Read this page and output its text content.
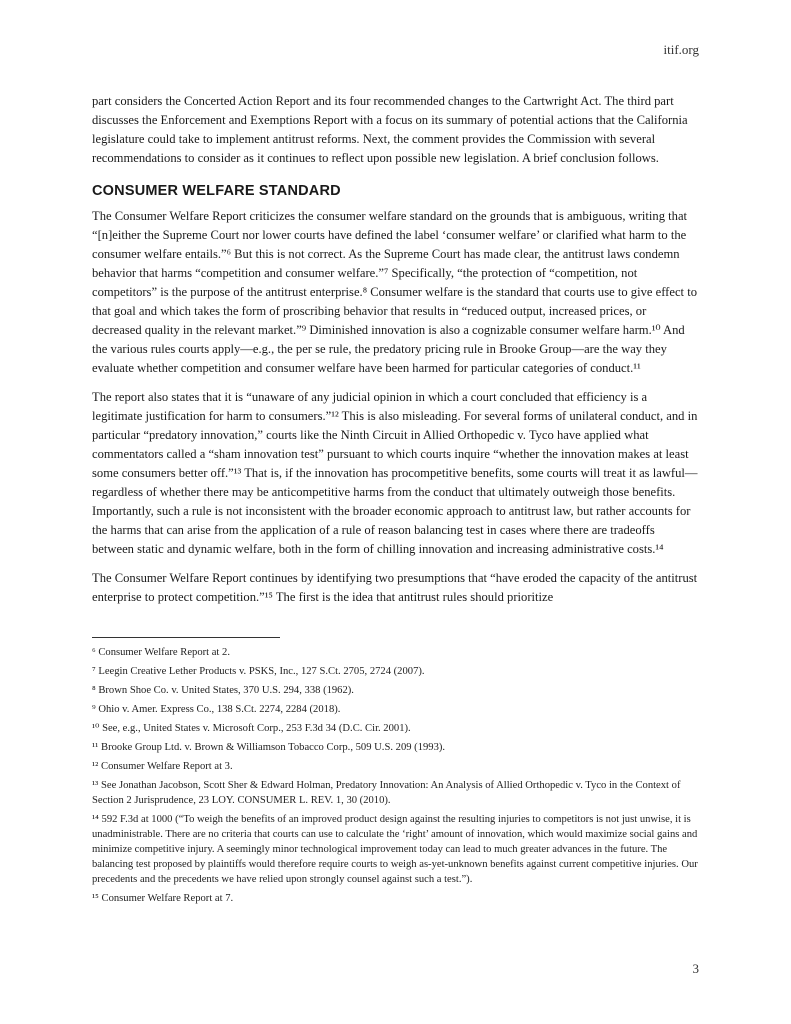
itif.org

part considers the Concerted Action Report and its four recommended changes to the Cartwright Act. The third part discusses the Enforcement and Exemptions Report with a focus on its summary of potential actions that the California legislature could take to implement antitrust reforms. Next, the comment provides the Commission with several recommendations to consider as it continues to reflect upon possible new legislation. A brief conclusion follows.

CONSUMER WELFARE STANDARD

The Consumer Welfare Report criticizes the consumer welfare standard on the grounds that is ambiguous, writing that “[n]either the Supreme Court nor lower courts have defined the label ‘consumer welfare’ or clarified what harm to the consumer welfare entails.”⁶ But this is not correct. As the Supreme Court has made clear, the antitrust laws condemn behavior that harms “competition and consumer welfare.”⁷ Specifically, “the protection of “competition, not competitors” is the purpose of the antitrust enterprise.⁸ Consumer welfare is the standard that courts use to give effect to that goal and which takes the form of proscribing behavior that results in “reduced output, increased prices, or decreased quality in the relevant market.”⁹ Diminished innovation is also a cognizable consumer welfare harm.¹⁰ And the various rules courts apply—e.g., the per se rule, the predatory pricing rule in Brooke Group—are the way they evaluate whether competition and consumer welfare have been harmed for particular categories of conduct.¹¹

The report also states that it is “unaware of any judicial opinion in which a court concluded that efficiency is a legitimate justification for harm to consumers.”¹² This is also misleading. For several forms of unilateral conduct, and in particular “predatory innovation,” courts like the Ninth Circuit in Allied Orthopedic v. Tyco have applied what commentators called a “sham innovation test” pursuant to which courts inquire “whether the innovation makes at least some consumers better off.”¹³ That is, if the innovation has procompetitive benefits, some courts will treat it as lawful—regardless of whether there may be anticompetitive harms from the conduct that ultimately outweigh those benefits. Importantly, such a rule is not inconsistent with the broader economic approach to antitrust law, but rather accounts for the harms that can arise from the application of a rule of reason balancing test in cases where there are tradeoffs between static and dynamic welfare, both in the form of chilling innovation and increasing administrative costs.¹⁴

The Consumer Welfare Report continues by identifying two presumptions that “have eroded the capacity of the antitrust enterprise to protect competition.”¹⁵ The first is the idea that antitrust rules should prioritize

⁶ Consumer Welfare Report at 2.
⁷ Leegin Creative Lether Products v. PSKS, Inc., 127 S.Ct. 2705, 2724 (2007).
⁸ Brown Shoe Co. v. United States, 370 U.S. 294, 338 (1962).
⁹ Ohio v. Amer. Express Co., 138 S.Ct. 2274, 2284 (2018).
¹⁰ See, e.g., United States v. Microsoft Corp., 253 F.3d 34 (D.C. Cir. 2001).
¹¹ Brooke Group Ltd. v. Brown & Williamson Tobacco Corp., 509 U.S. 209 (1993).
¹² Consumer Welfare Report at 3.
¹³ See Jonathan Jacobson, Scott Sher & Edward Holman, Predatory Innovation: An Analysis of Allied Orthopedic v. Tyco in the Context of Section 2 Jurisprudence, 23 LOY. CONSUMER L. REV. 1, 30 (2010).
¹⁴ 592 F.3d at 1000 (“To weigh the benefits of an improved product design against the resulting injuries to competitors is not just unwise, it is unadministrable. There are no criteria that courts can use to calculate the ‘right’ amount of innovation, which would maximize social gains and minimize competitive injury. A seemingly minor technological improvement today can lead to much greater advances in the future. The balancing test proposed by plaintiffs would therefore require courts to weigh as-yet-unknown benefits against current competitive injuries. Our precedents and the precedents we have relied upon strongly counsel against such a test.”).
¹⁵ Consumer Welfare Report at 7.
3
